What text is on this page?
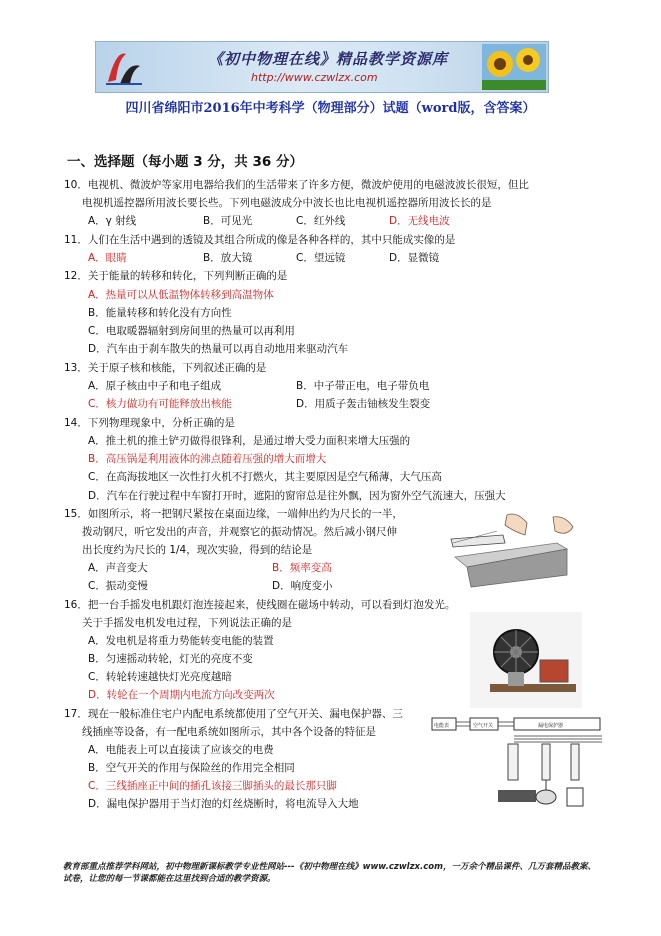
《初中物理在线》精品教学资源库
http://www.czwlzx.com
四川省绵阳市2016年中考科学（物理部分）试题（word版，含答案）
一、选择题（每小题 3 分，共 36 分）
10．电视机、微波炉等家用电器给我们的生活带来了许多方便，微波炉使用的电磁波波长很短，但比
电视机遥控器所用波长要长些。下列电磁波成分中波长也比电视机遥控器所用波长长的是
A．γ 射线	B．可见光	C．红外线	D．无线电波
11．人们在生活中遇到的透镜及其组合所成的像是各种各样的，其中只能成实像的是
A．眼睛	B．放大镜	C．望远镜	D．显微镜
12．关于能量的转移和转化，下列判断正确的是
A．热量可以从低温物体转移到高温物体
B．能量转移和转化没有方向性
C．电取暖器辐射到房间里的热量可以再利用
D．汽车由于刹车散失的热量可以再自动地用来驱动汽车
13．关于原子核和核能，下列叙述正确的是
A．原子核由中子和电子组成	B．中子带正电，电子带负电
C．核力做功有可能释放出核能	D．用质子轰击铀核发生裂变
14．下列物理现象中，分析正确的是
A．推土机的推土铲刃做得很锋利，是通过增大受力面积来增大压强的
B．高压锅是利用液体的沸点随着压强的增大而增大
C．在高海拔地区一次性打火机不打燃火，其主要原因是空气稀薄，大气压高
D．汽车在行驶过程中车窗打开时，遮阳的窗帘总是往外飘，因为窗外空气流速大，压强大
15．如图所示，将一把钢尺紧按在桌面边缘，一端伸出约为尺长的一半，
拨动钢尺，听它发出的声音，并观察它的振动情况。然后减小钢尺伸
出长度约为尺长的 1/4，现次实验，得到的结论是
A．声音变大	B．频率变高
C．振动变慢	D．响度变小
16．把一台手摇发电机跟灯泡连接起来，使线圈在磁场中转动，可以看到灯泡发光。
关于手摇发电机发电过程，下列说法正确的是
A．发电机是将重力势能转变电能的装置
B．匀速摇动转轮，灯光的亮度不变
C．转轮转速越快灯光亮度越暗
D．转轮在一个周期内电流方向改变两次
17．现在一般标准住宅户内配电系统都使用了空气开关、漏电保护器、三
线插座等设备，有一配电系统如图所示，其中各个设备的特征是
A．电能表上可以直接读了应该交的电费
B．空气开关的作用与保险丝的作用完全相同
C．三线插座正中间的插孔该接三脚插头的最长那只脚
D．漏电保护器用于当灯泡的灯丝烧断时，将电流导入大地
电能表	空气开关	漏电保护器
教育部重点推荐学科网站，初中物理新课标教学专业性网站---《初中物理在线》www.czwlzx.com，一万余个精品课件、几万套精品教案、试卷，让您的每一节课都能在这里找到合适的教学资源。
